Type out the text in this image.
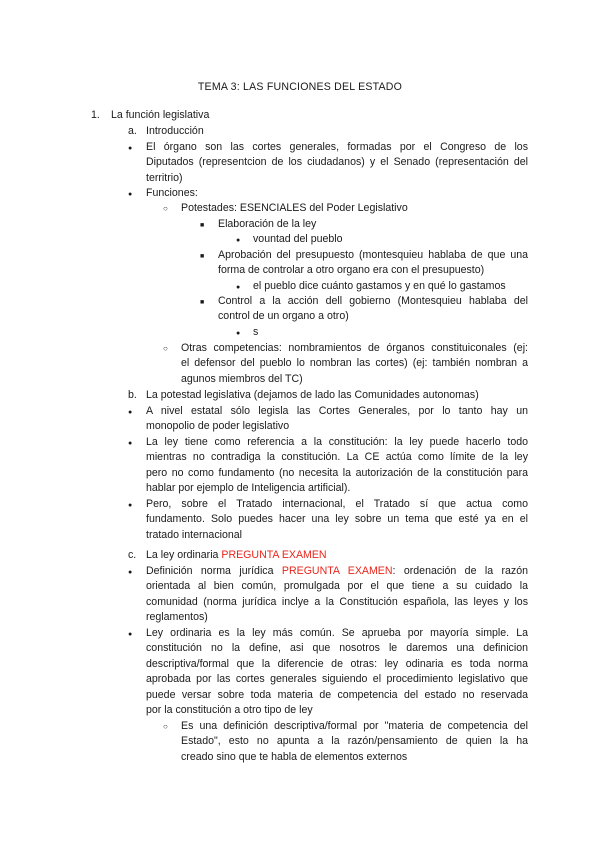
TEMA 3: LAS FUNCIONES DEL ESTADO
1. La función legislativa
a. Introducción
●
El órgano son las cortes generales, formadas por el Congreso de los
Diputados (representcion de los ciudadanos) y el Senado (representación del
territrio)
●
Funciones:
○
Potestades: ESENCIALES del Poder Legislativo
■
Elaboración de la ley
●
vountad del pueblo
■
Aprobación del presupuesto (montesquieu hablaba de que una
forma de controlar a otro organo era con el presupuesto)
●
el pueblo dice cuánto gastamos y en qué lo gastamos
■
Control a la acción dell gobierno (Montesquieu hablaba del
control de un organo a otro)
●
s
○
Otras competencias: nombramientos de órganos constituiconales (ej:
el defensor del pueblo lo nombran las cortes) (ej: también nombran a
agunos miembros del TC)
b. La potestad legislativa (dejamos de lado las Comunidades autonomas)
●
A nivel estatal sólo legisla las Cortes Generales, por lo tanto hay un
monopolio de poder legislativo
●
La ley tiene como referencia a la constitución: la ley puede hacerlo todo
mientras no contradiga la constitución. La CE actúa como límite de la ley
pero no como fundamento (no necesita la autorización de la constitución para
hablar por ejemplo de Inteligencia artificial).
●
Pero, sobre el Tratado internacional, el Tratado sí que actua como
fundamento. Solo puedes hacer una ley sobre un tema que esté ya en el
tratado internacional
c. La ley ordinaria PREGUNTA EXAMEN
●
Definición norma jurídica PREGUNTA EXAMEN: ordenación de la razón
orientada al bien común, promulgada por el que tiene a su cuidado la
comunidad (norma jurídica inclye a la Constitución española, las leyes y los
reglamentos)
●
Ley ordinaria es la ley más común. Se aprueba por mayoría simple. La
constitución no la define, asi que nosotros le daremos una definicion
descriptiva/formal que la diferencie de otras: ley odinaria es toda norma
aprobada por las cortes generales siguiendo el procedimiento legislativo que
puede versar sobre toda materia de competencia del estado no reservada
por la constitución a otro tipo de ley
○
Es una definición descriptiva/formal por "materia de competencia del
Estado", esto no apunta a la razón/pensamiento de quien la ha
creado sino que te habla de elementos externos
